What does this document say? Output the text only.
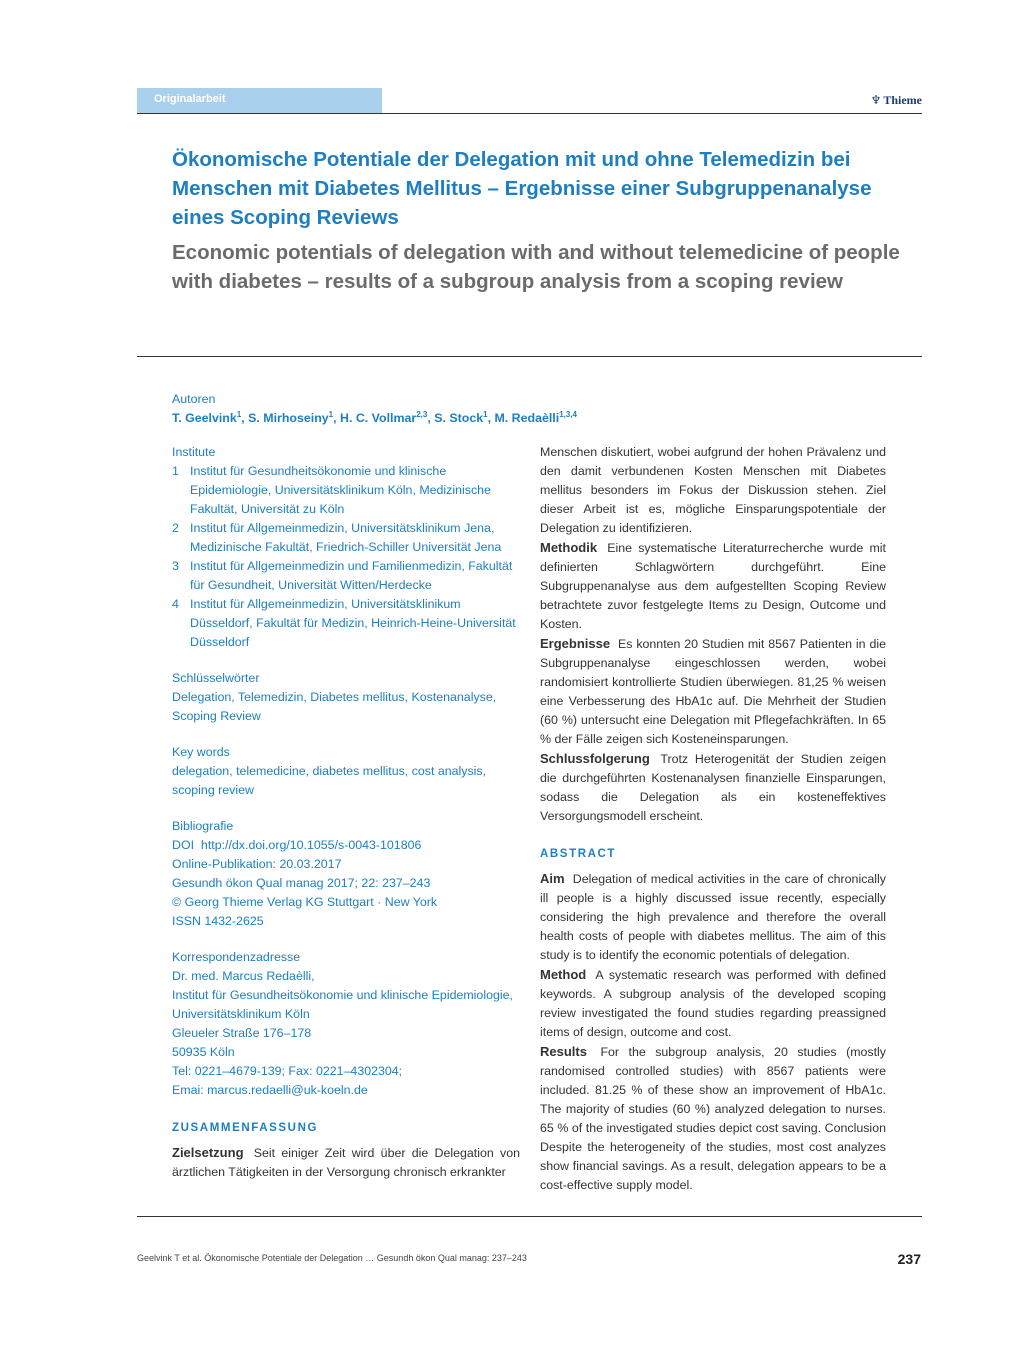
Originalarbeit	♆ Thieme
Ökonomische Potentiale der Delegation mit und ohne Telemedizin bei Menschen mit Diabetes Mellitus – Ergebnisse einer Subgruppenanalyse eines Scoping Reviews
Economic potentials of delegation with and without telemedicine of people with diabetes – results of a subgroup analysis from a scoping review
Autoren
T. Geelvink$^1$, S. Mirhoseiny$^1$, H. C. Vollmar$^{2,3}$, S. Stock$^1$, M. Redaèlli$^{1,3,4}$
Institute
1 Institut für Gesundheitsökonomie und klinische Epidemiologie, Universitätsklinikum Köln, Medizinische Fakultät, Universität zu Köln
2 Institut für Allgemeinmedizin, Universitätsklinikum Jena, Medizinische Fakultät, Friedrich-Schiller Universität Jena
3 Institut für Allgemeinmedizin und Familienmedizin, Fakultät für Gesundheit, Universität Witten/Herdecke
4 Institut für Allgemeinmedizin, Universitätsklinikum Düsseldorf, Fakultät für Medizin, Heinrich-Heine-Universität Düsseldorf
Schlüsselwörter

Delegation, Telemedizin, Diabetes mellitus, Kostenanalyse, Scoping Review

Key words

delegation, telemedicine, diabetes mellitus, cost analysis, scoping review

Bibliografie
DOI http://dx.doi.org/10.1055/s-0043-101806
Online-Publikation: 20.03.2017
Gesundh ökon Qual manag 2017; 22: 237–243
© Georg Thieme Verlag KG Stuttgart · New York
ISSN 1432-2625
Korrespondenzadresse
Dr. med. Marcus Redaèlli,
Institut für Gesundheitsökonomie und klinische Epidemiologie, Universitätsklinikum Köln
Gleueler Straße 176–178
50935 Köln
Tel: 0221–4679-139; Fax: 0221–4302304;
Emai: marcus.redaelli@uk-koeln.de
ZUSAMMENFASSUNG

Zielsetzung Seit einiger Zeit wird über die Delegation von ärztlichen Tätigkeiten in der Versorgung chronisch erkrankter

Menschen diskutiert, wobei aufgrund der hohen Prävalenz und den damit verbundenen Kosten Menschen mit Diabetes mellitus besonders im Fokus der Diskussion stehen. Ziel dieser Arbeit ist es, mögliche Einsparungspotentiale der Delegation zu identifizieren.

Methodik Eine systematische Literaturrecherche wurde mit definierten Schlagwörtern durchgeführt. Eine Subgruppenanalyse aus dem aufgestellten Scoping Review betrachtete zuvor festgelegte Items zu Design, Outcome und Kosten.

Ergebnisse Es konnten 20 Studien mit 8567 Patienten in die Subgruppenanalyse eingeschlossen werden, wobei randomisiert kontrollierte Studien überwiegen. 81,25 % weisen eine Verbesserung des HbA1c auf. Die Mehrheit der Studien (60 %) untersucht eine Delegation mit Pflegefachkräften. In 65 % der Fälle zeigen sich Kosteneinsparungen.

Schlussfolgerung Trotz Heterogenität der Studien zeigen die durchgeführten Kostenanalysen finanzielle Einsparungen, sodass die Delegation als ein kosteneffektives Versorgungsmodell erscheint.

ABSTRACT

Aim Delegation of medical activities in the care of chronically ill people is a highly discussed issue recently, especially considering the high prevalence and therefore the overall health costs of people with diabetes mellitus. The aim of this study is to identify the economic potentials of delegation.

Method A systematic research was performed with defined keywords. A subgroup analysis of the developed scoping review investigated the found studies regarding preassigned items of design, outcome and cost.

Results For the subgroup analysis, 20 studies (mostly randomised controlled studies) with 8567 patients were included. 81.25 % of these show an improvement of HbA1c. The majority of studies (60 %) analyzed delegation to nurses. 65 % of the investigated studies depict cost saving. Conclusion Despite the heterogeneity of the studies, most cost analyzes show financial savings. As a result, delegation appears to be a cost-effective supply model.

Geelvink T et al. Ökonomische Potentiale der Delegation … Gesundh ökon Qual manag: 237–243	237
